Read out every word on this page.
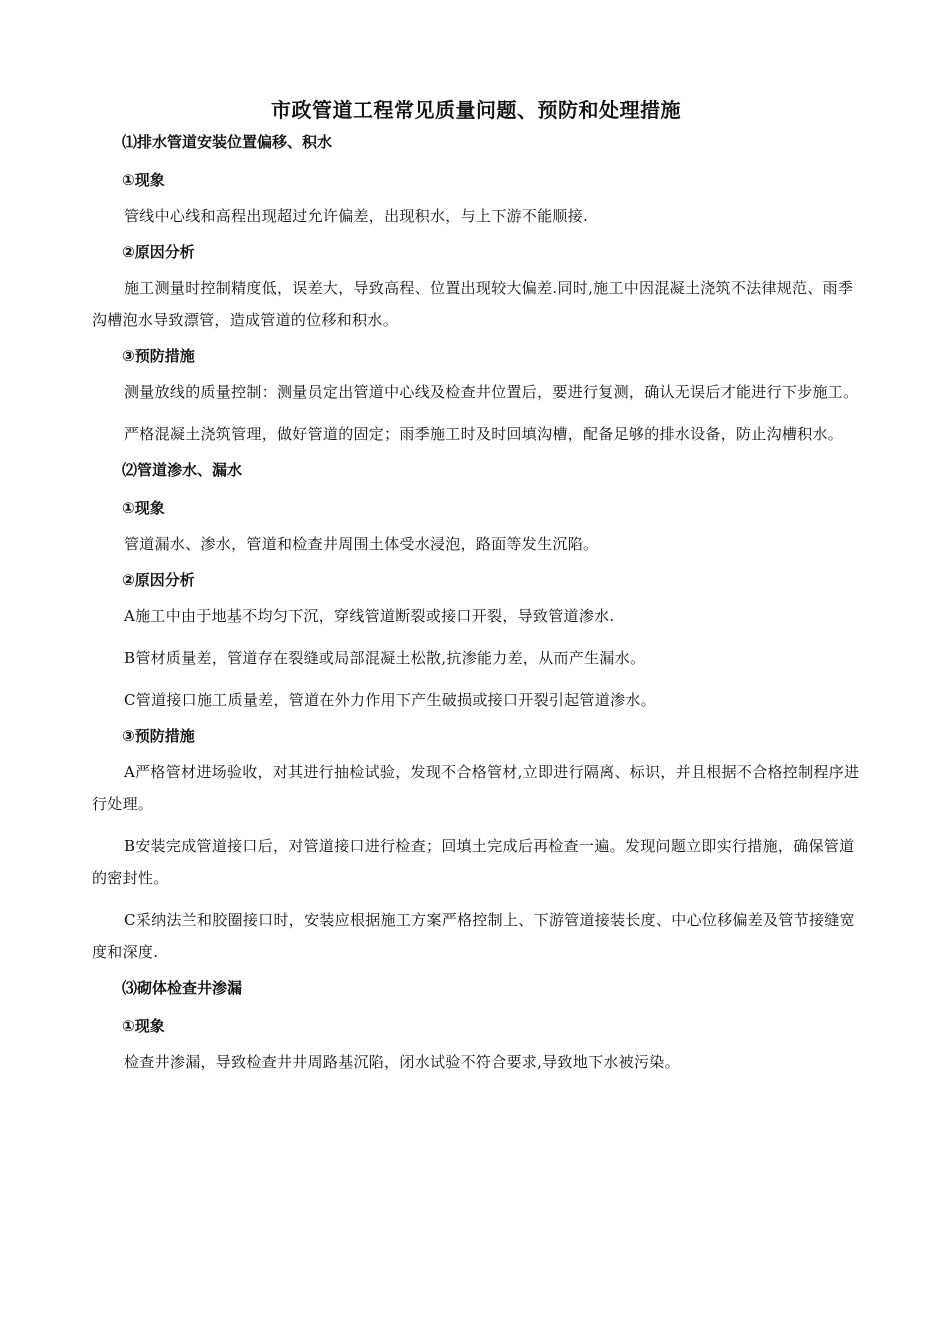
市政管道工程常见质量问题、预防和处理措施
⑴排水管道安装位置偏移、积水
①现象

管线中心线和高程出现超过允许偏差，出现积水，与上下游不能顺接.

②原因分析

施工测量时控制精度低，误差大，导致高程、位置出现较大偏差.同时,施工中因混凝土浇筑不法律规范、雨季沟槽泡水导致漂管，造成管道的位移和积水。

③预防措施

测量放线的质量控制：测量员定出管道中心线及检查井位置后，要进行复测，确认无误后才能进行下步施工。

严格混凝土浇筑管理，做好管道的固定；雨季施工时及时回填沟槽，配备足够的排水设备，防止沟槽积水。

⑵管道渗水、漏水
①现象

管道漏水、渗水，管道和检查井周围土体受水浸泡，路面等发生沉陷。

②原因分析

A施工中由于地基不均匀下沉，穿线管道断裂或接口开裂，导致管道渗水.

B管材质量差，管道存在裂缝或局部混凝土松散,抗渗能力差，从而产生漏水。

C管道接口施工质量差，管道在外力作用下产生破损或接口开裂引起管道渗水。

③预防措施

A严格管材进场验收，对其进行抽检试验，发现不合格管材,立即进行隔离、标识，并且根据不合格控制程序进行处理。

B安装完成管道接口后，对管道接口进行检查；回填土完成后再检查一遍。发现问题立即实行措施，确保管道的密封性。

C采纳法兰和胶圈接口时，安装应根据施工方案严格控制上、下游管道接装长度、中心位移偏差及管节接缝宽度和深度.

⑶砌体检查井渗漏
①现象

检查井渗漏，导致检查井井周路基沉陷，闭水试验不符合要求,导致地下水被污染。
